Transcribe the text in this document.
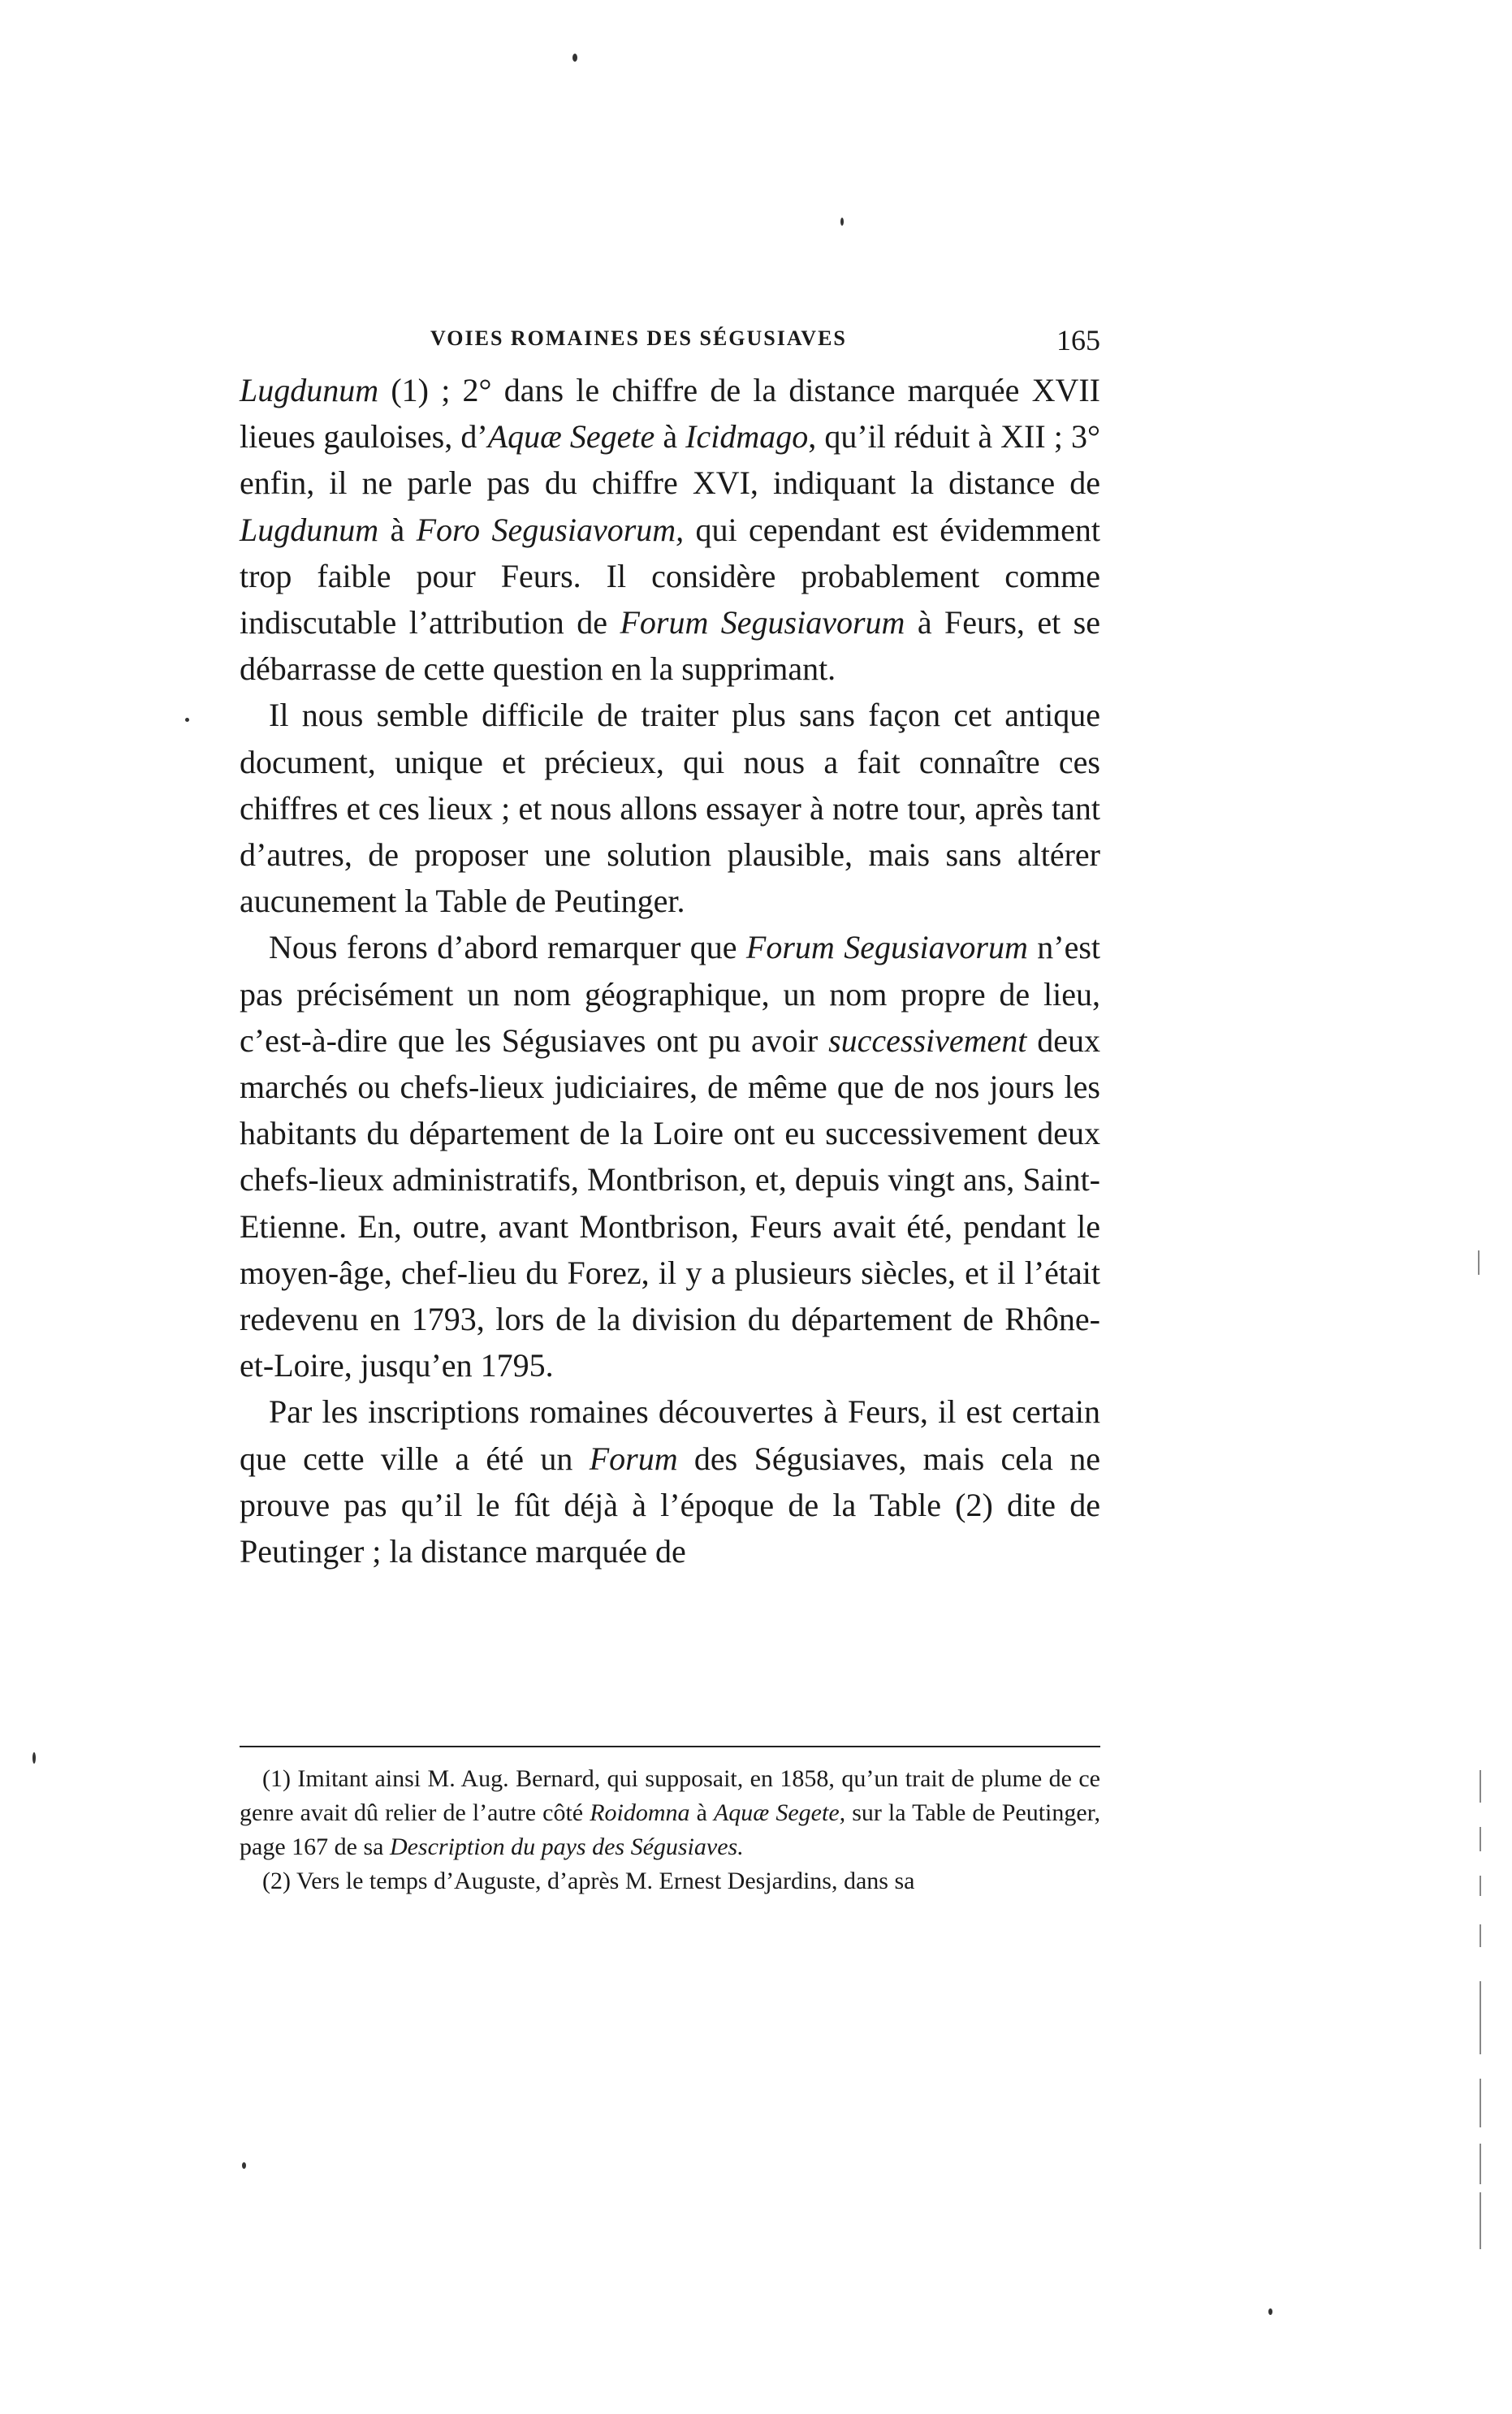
VOIES ROMAINES DES SÉGUSIAVES	165

Lugdunum (1) ; 2° dans le chiffre de la distance marquée XVII lieues gauloises, d’Aquæ Segete à Icidmago, qu’il réduit à XII ; 3° enfin, il ne parle pas du chiffre XVI, indiquant la distance de Lugdunum à Foro Segusiavorum, qui cependant est évidemment trop faible pour Feurs. Il considère probablement comme indiscutable l’attribution de Forum Segusiavorum à Feurs, et se débarrasse de cette question en la supprimant.

Il nous semble difficile de traiter plus sans façon cet antique document, unique et précieux, qui nous a fait connaître ces chiffres et ces lieux ; et nous allons essayer à notre tour, après tant d’autres, de proposer une solution plausible, mais sans altérer aucunement la Table de Peutinger.

Nous ferons d’abord remarquer que Forum Segusiavorum n’est pas précisément un nom géographique, un nom propre de lieu, c’est-à-dire que les Ségusiaves ont pu avoir successivement deux marchés ou chefs-lieux judiciaires, de même que de nos jours les habitants du département de la Loire ont eu successivement deux chefs-lieux administratifs, Montbrison, et, depuis vingt ans, Saint-Etienne. En, outre, avant Montbrison, Feurs avait été, pendant le moyen-âge, chef-lieu du Forez, il y a plusieurs siècles, et il l’était redevenu en 1793, lors de la division du département de Rhône-et-Loire, jusqu’en 1795.

Par les inscriptions romaines découvertes à Feurs, il est certain que cette ville a été un Forum des Ségusiaves, mais cela ne prouve pas qu’il le fût déjà à l’époque de la Table (2) dite de Peutinger ; la distance marquée de

(1) Imitant ainsi M. Aug. Bernard, qui supposait, en 1858, qu’un trait de plume de ce genre avait dû relier de l’autre côté Roidomna à Aquæ Segete, sur la Table de Peutinger, page 167 de sa Description du pays des Ségusiaves.

(2) Vers le temps d’Auguste, d’après M. Ernest Desjardins, dans sa
